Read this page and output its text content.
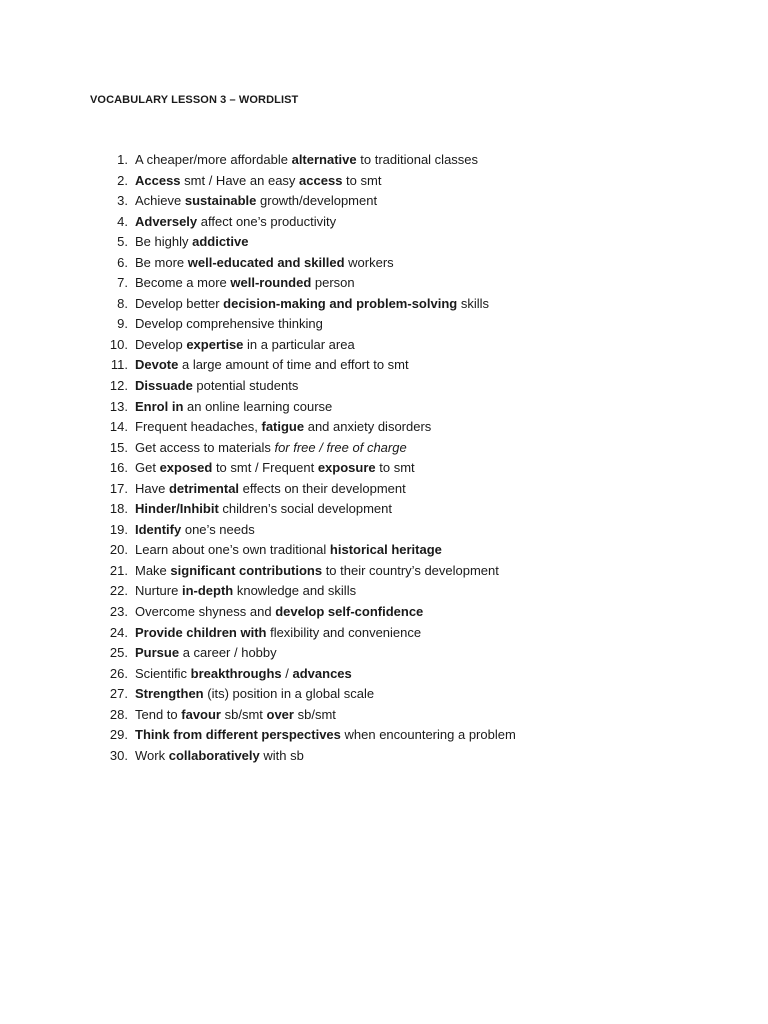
VOCABULARY LESSON 3 – WORDLIST
1. A cheaper/more affordable alternative to traditional classes
2. Access smt / Have an easy access to smt
3. Achieve sustainable growth/development
4. Adversely affect one’s productivity
5. Be highly addictive
6. Be more well-educated and skilled workers
7. Become a more well-rounded person
8. Develop better decision-making and problem-solving skills
9. Develop comprehensive thinking
10. Develop expertise in a particular area
11. Devote a large amount of time and effort to smt
12. Dissuade potential students
13. Enrol in an online learning course
14. Frequent headaches, fatigue and anxiety disorders
15. Get access to materials for free / free of charge
16. Get exposed to smt / Frequent exposure to smt
17. Have detrimental effects on their development
18. Hinder/Inhibit children’s social development
19. Identify one’s needs
20. Learn about one’s own traditional historical heritage
21. Make significant contributions to their country’s development
22. Nurture in-depth knowledge and skills
23. Overcome shyness and develop self-confidence
24. Provide children with flexibility and convenience
25. Pursue a career / hobby
26. Scientific breakthroughs / advances
27. Strengthen (its) position in a global scale
28. Tend to favour sb/smt over sb/smt
29. Think from different perspectives when encountering a problem
30. Work collaboratively with sb
